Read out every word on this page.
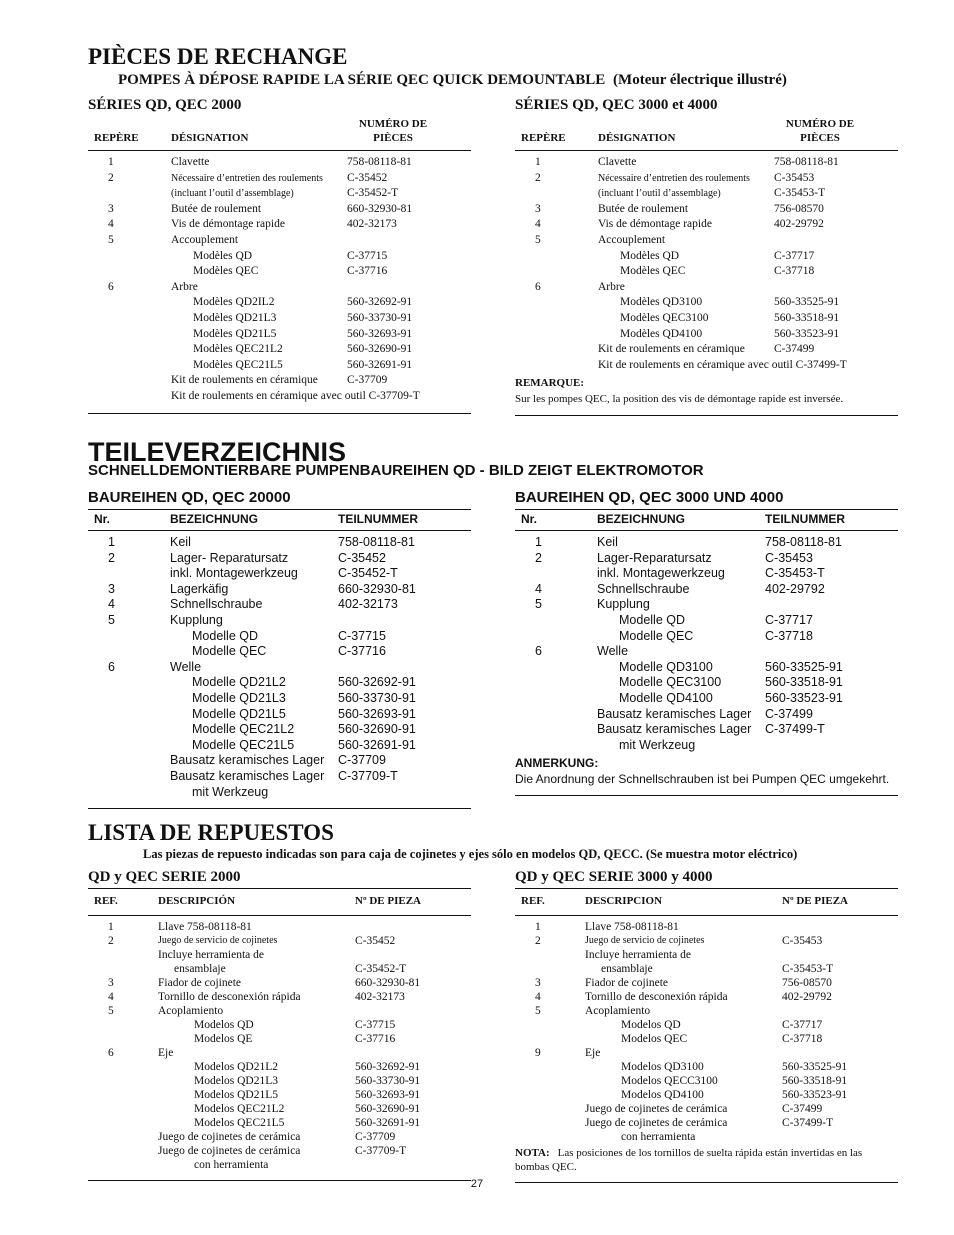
PIÈCES DE RECHANGE
POMPES À DÉPOSE RAPIDE LA SÉRIE QEC QUICK DEMOUNTABLE (Moteur électrique illustré)
SÉRIES QD, QEC 2000
REPÈRE	DÉSIGNATION
NUMÉRO DE
PIÈCES
1	Clavette	758-08118-81
2	Nécessaire d’entretien des roulements C-35452
(incluant l’outil d’assemblage)	C-35452-T
3	Butée de roulement	660-32930-81
4	Vis de démontage rapide	402-32173
5	Accouplement
Modèles QD	C-37715
Modèles QEC	C-37716
6	Arbre
Modèles QD2IL2	560-32692-91
Modèles QD21L3	560-33730-91
Modèles QD21L5	560-32693-91
Modèles QEC21L2	560-32690-91
Modèles QEC21L5	560-32691-91
Kit de roulements en céramique	C-37709
Kit de roulements en céramique avec outil C-37709-T
SÉRIES QD, QEC 3000 et 4000
REPÈRE	DÉSIGNATION
NUMÉRO DE
PIÈCES
1	Clavette	758-08118-81
2	Nécessaire d’entretien des roulements C-35453
(incluant l’outil d’assemblage)	C-35453-T
3	Butée de roulement	756-08570
4	Vis de démontage rapide	402-29792
5	Accouplement
Modèles QD	C-37717
Modèles QEC	C-37718
6	Arbre
Modèles QD3100	560-33525-91
Modèles QEC3100	560-33518-91
Modèles QD4100	560-33523-91
Kit de roulements en céramique	C-37499
Kit de roulements en céramique avec outil C-37499-T
REMARQUE:
Sur les pompes QEC, la position des vis de démontage rapide est inversée.
TEILEVERZEICHNIS
SCHNELLDEMONTIERBARE PUMPENBAUREIHEN QD - BILD ZEIGT ELEKTROMOTOR
BAUREIHEN QD, QEC 20000
Nr.	BEZEICHNUNG	TEILNUMMER
1	Keil	758-08118-81
2	Lager- Reparatursatz	C-35452
inkl. Montagewerkzeug	C-35452-T
3	Lagerkäfig	660-32930-81
4	Schnellschraube	402-32173
5	Kupplung
Modelle QD	C-37715
Modelle QEC	C-37716
6	Welle
Modelle QD21L2	560-32692-91
Modelle QD21L3	560-33730-91
Modelle QD21L5	560-32693-91
Modelle QEC21L2	560-32690-91
Modelle QEC21L5	560-32691-91
Bausatz keramisches Lager C-37709
Bausatz keramisches Lager C-37709-T
mit Werkzeug
BAUREIHEN QD, QEC 3000 UND 4000
Nr.	BEZEICHNUNG	TEILNUMMER
1	Keil	758-08118-81
2	Lager-Reparatursatz	C-35453
inkl. Montagewerkzeug	C-35453-T
4	Schnellschraube	402-29792
5	Kupplung
Modelle QD	C-37717
Modelle QEC	C-37718
6	Welle
Modelle QD3100	560-33525-91
Modelle QEC3100	560-33518-91
Modelle QD4100	560-33523-91
Bausatz keramisches Lager C-37499
Bausatz keramisches Lager C-37499-T
mit Werkzeug
ANMERKUNG:
Die Anordnung der Schnellschrauben ist bei Pumpen QEC umgekehrt.
LISTA DE REPUESTOS
Las piezas de repuesto indicadas son para caja de cojinetes y ejes sólo en modelos QD, QECC. (Se muestra motor eléctrico)
QD y QEC SERIE 2000
REF.	DESCRIPCIÓN	Nº DE PIEZA
1	Llave 758-08118-81
2	Juego de servicio de cojinetes	C-35452
Incluye herramienta de
ensamblaje	C-35452-T
3	Fiador de cojinete	660-32930-81
4	Tornillo de desconexión rápida	402-32173
5	Acoplamiento
Modelos QD	C-37715
Modelos QE	C-37716
6	Eje
Modelos QD21L2	560-32692-91
Modelos QD21L3	560-33730-91
Modelos QD21L5	560-32693-91
Modelos QEC21L2	560-32690-91
Modelos QEC21L5	560-32691-91
Juego de cojinetes de cerámica	C-37709
Juego de cojinetes de cerámica	C-37709-T
con herramienta
QD y QEC SERIE 3000 y 4000
REF.	DESCRIPCION	Nº DE PIEZA
1	Llave 758-08118-81
2	Juego de servicio de cojinetes	C-35453
Incluye herramienta de
ensamblaje	C-35453-T
3	Fiador de cojinete	756-08570
4	Tornillo de desconexión rápida	402-29792
5	Acoplamiento
Modelos QD	C-37717
Modelos QEC	C-37718
9	Eje
Modelos QD3100	560-33525-91
Modelos QECC3100	560-33518-91
Modelos QD4100	560-33523-91
Juego de cojinetes de cerámica	C-37499
Juego de cojinetes de cerámica	C-37499-T
con herramienta
NOTA: Las posiciones de los tornillos de suelta rápida están invertidas en las bombas QEC.
27
